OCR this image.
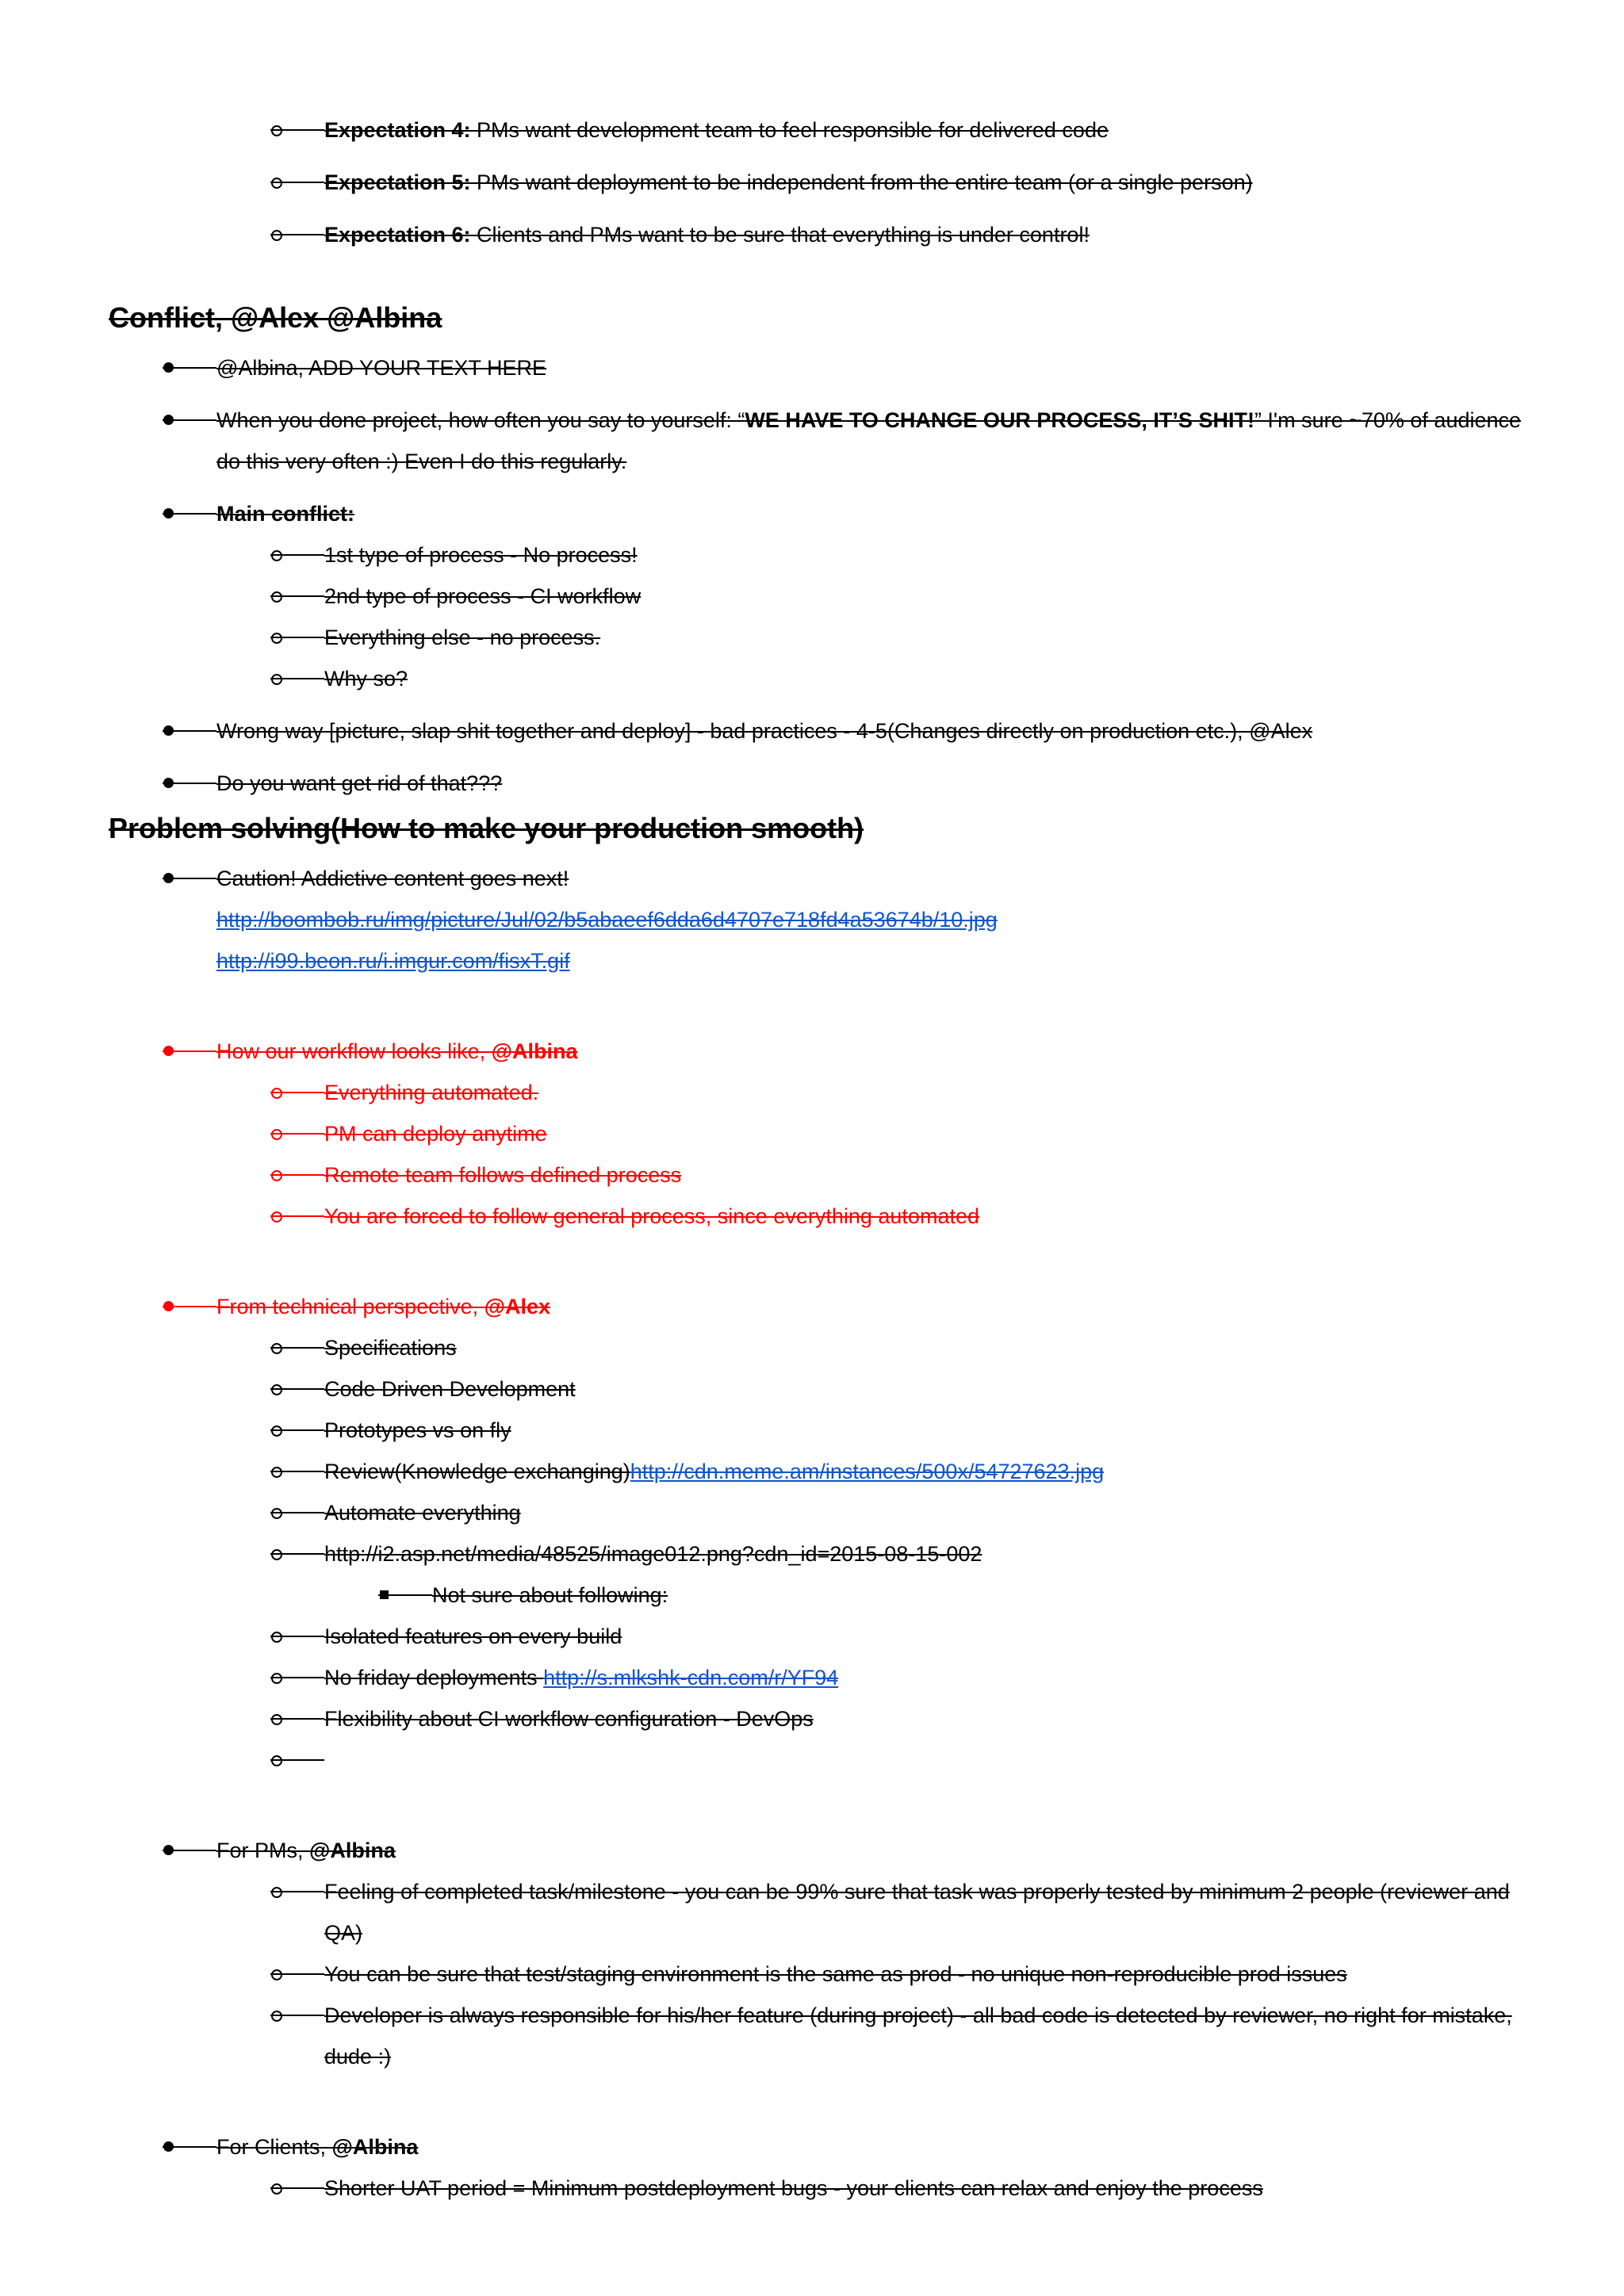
Expectation 4: PMs want development team to feel responsible for delivered code
Expectation 5: PMs want deployment to be independent from the entire team (or a single person)
Expectation 6: Clients and PMs want to be sure that everything is under control!
Conflict, @Alex @Albina
@Albina, ADD YOUR TEXT HERE
When you done project, how often you say to yourself: “WE HAVE TO CHANGE OUR PROCESS, IT’S SHIT!” I'm sure ~70% of audience do this very often :) Even I do this regularly.
Main conflict:
1st type of process - No process!
2nd type of process - CI workflow
Everything else - no process.
Why so?
Wrong way [picture, slap shit together and deploy] - bad practices - 4-5(Changes directly on production etc.), @Alex
Do you want get rid of that???
Problem solving(How to make your production smooth)
Caution! Addictive content goes next!
http://boombob.ru/img/picture/Jul/02/b5abaeef6dda6d4707e718fd4a53674b/10.jpg
http://i99.beon.ru/i.imgur.com/fisxT.gif
How our workflow looks like, @Albina
Everything automated.
PM can deploy anytime
Remote team follows defined process
You are forced to follow general process, since everything automated
From technical perspective, @Alex
Specifications
Code Driven Development
Prototypes vs on fly
Review(Knowledge exchanging)http://cdn.meme.am/instances/500x/54727623.jpg
Automate everything
http://i2.asp.net/media/48525/image012.png?cdn_id=2015-08-15-002
Not sure about following:
Isolated features on every build
No friday deployments http://s.mlkshk-cdn.com/r/YF94
Flexibility about CI workflow configuration - DevOps
For PMs, @Albina
Feeling of completed task/milestone - you can be 99% sure that task was properly tested by minimum 2 people (reviewer and QA)
You can be sure that test/staging environment is the same as prod - no unique non-reproducible prod issues
Developer is always responsible for his/her feature (during project) - all bad code is detected by reviewer, no right for mistake, dude :)
For Clients, @Albina
Shorter UAT period = Minimum postdeployment bugs - your clients can relax and enjoy the process
